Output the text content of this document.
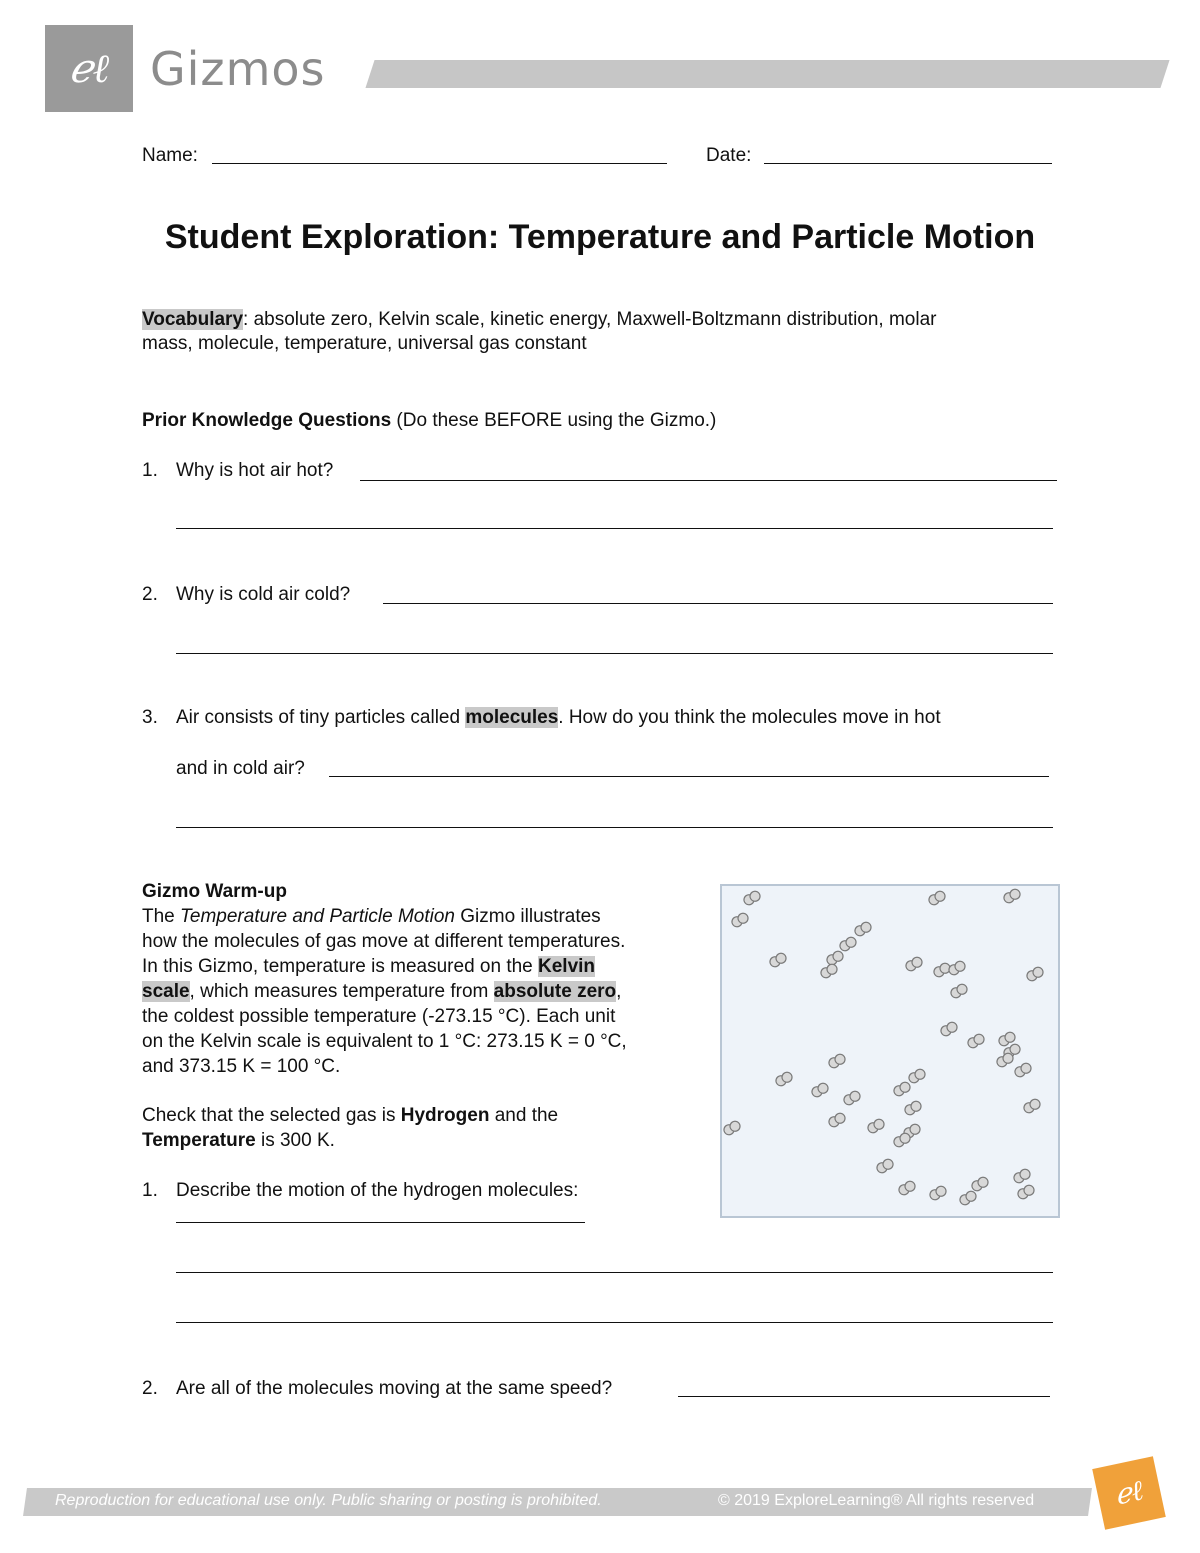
ℯℓ Gizmos
Name:	Date:
Student Exploration: Temperature and Particle Motion
Vocabulary: absolute zero, Kelvin scale, kinetic energy, Maxwell-Boltzmann distribution, molar
mass, molecule, temperature, universal gas constant
Prior Knowledge Questions (Do these BEFORE using the Gizmo.)
1. Why is hot air hot?
2. Why is cold air cold?
3. Air consists of tiny particles called molecules. How do you think the molecules move in hot
and in cold air?
Gizmo Warm-up
The Temperature and Particle Motion Gizmo illustrates
how the molecules of gas move at different temperatures.
In this Gizmo, temperature is measured on the Kelvin
scale, which measures temperature from absolute zero,
the coldest possible temperature (-273.15 °C). Each unit
on the Kelvin scale is equivalent to 1 °C: 273.15 K = 0 °C,
and 373.15 K = 100 °C.
Check that the selected gas is Hydrogen and the
Temperature is 300 K.
1. Describe the motion of the hydrogen molecules:
2. Are all of the molecules moving at the same speed?
Reproduction for educational use only. Public sharing or posting is prohibited.	© 2019 ExploreLearning® All rights reserved	ℯℓ
